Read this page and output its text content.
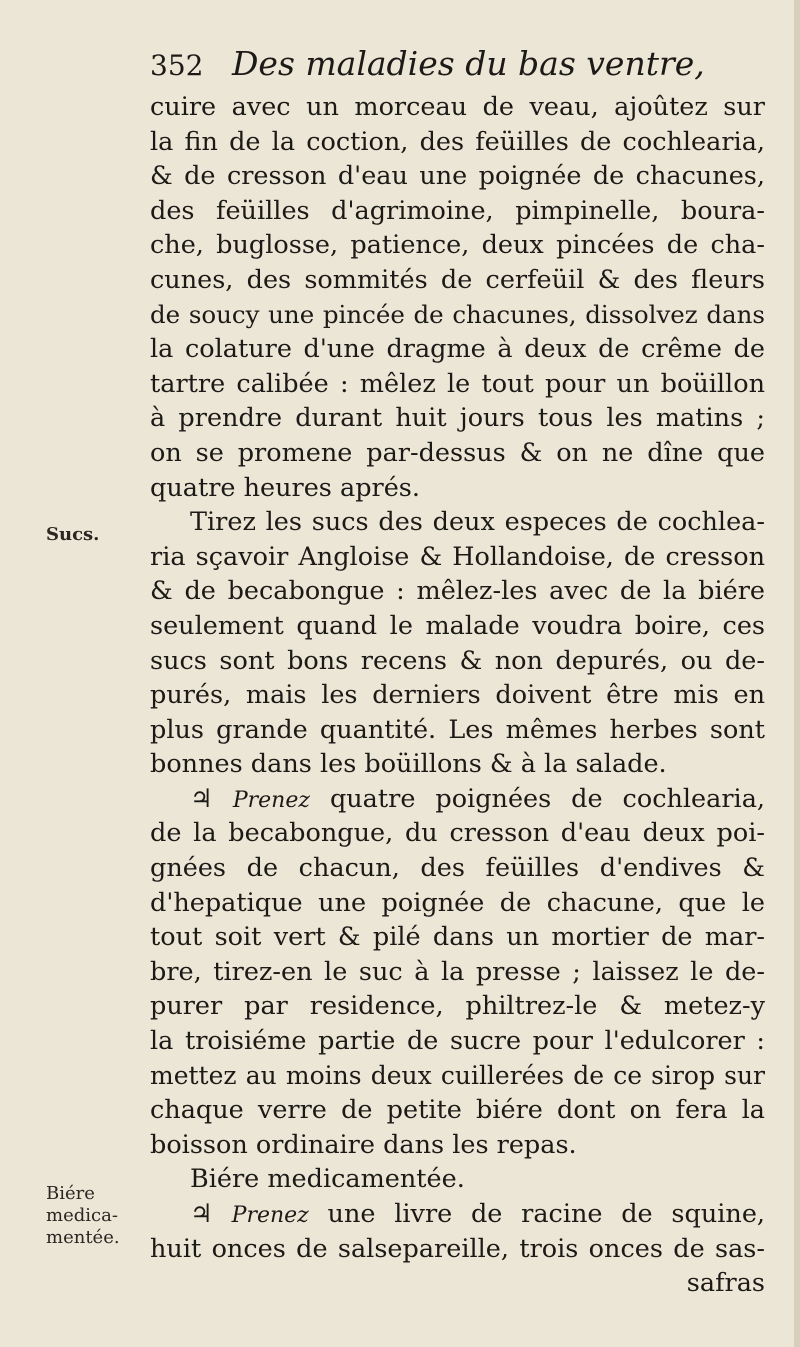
352 Des maladies du bas ventre,
cuire avec un morceau de veau, ajoûtez sur
la fin de la coction, des feüilles de cochlearia,
& de cresson d'eau une poignée de chacunes,
des feüilles d'agrimoine, pimpinelle, boura-
che, buglosse, patience, deux pincées de cha-
cunes, des sommités de cerfeüil & des fleurs
de soucy une pincée de chacunes, dissolvez dans
la colature d'une dragme à deux de crême de
tartre calibée : mêlez le tout pour un boüillon
à prendre durant huit jours tous les matins ;
on se promene par-dessus & on ne dîne que
quatre heures aprés.
Tirez les sucs des deux especes de cochlea-
ria sçavoir Angloise & Hollandoise, de cresson
& de becabongue : mêlez-les avec de la biére
seulement quand le malade voudra boire, ces
sucs sont bons recens & non depurés, ou de-
purés, mais les derniers doivent être mis en
plus grande quantité. Les mêmes herbes sont
bonnes dans les boüillons & à la salade.
♃ Prenez quatre poignées de cochlearia,
de la becabongue, du cresson d'eau deux poi-
gnées de chacun, des feüilles d'endives &
d'hepatique une poignée de chacune, que le
tout soit vert & pilé dans un mortier de mar-
bre, tirez-en le suc à la presse ; laissez le de-
purer par residence, philtrez-le & metez-y
la troisiéme partie de sucre pour l'edulcorer :
mettez au moins deux cuillerées de ce sirop sur
chaque verre de petite biére dont on fera la
boisson ordinaire dans les repas.
Biére medicamentée.
♃ Prenez une livre de racine de squine,
huit onces de salsepareille, trois onces de sas-
safras
Sucs.
Biére
medica-
mentée.
